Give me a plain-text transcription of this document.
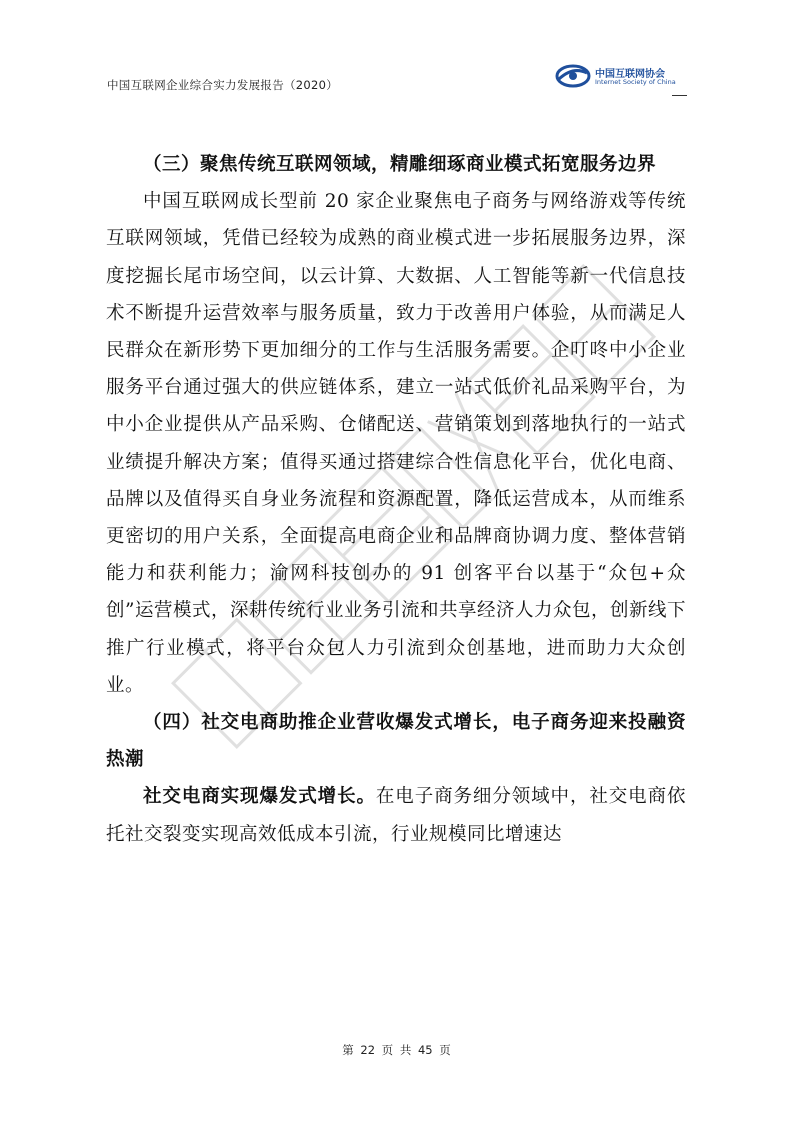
中国互联网企业综合实力发展报告（2020）
中国互联网协会
Internet Society of China

（三）聚焦传统互联网领域，精雕细琢商业模式拓宽服务边界

中国互联网成长型前 20 家企业聚焦电子商务与网络游戏等传统互联网领域，凭借已经较为成熟的商业模式进一步拓展服务边界，深度挖掘长尾市场空间，以云计算、大数据、人工智能等新一代信息技术不断提升运营效率与服务质量，致力于改善用户体验，从而满足人民群众在新形势下更加细分的工作与生活服务需要。企叮咚中小企业服务平台通过强大的供应链体系，建立一站式低价礼品采购平台，为中小企业提供从产品采购、仓储配送、营销策划到落地执行的一站式业绩提升解决方案；值得买通过搭建综合性信息化平台，优化电商、品牌以及值得买自身业务流程和资源配置，降低运营成本，从而维系更密切的用户关系，全面提高电商企业和品牌商协调力度、整体营销能力和获利能力；渝网科技创办的 91 创客平台以基于“众包+众创”运营模式，深耕传统行业业务引流和共享经济人力众包，创新线下推广行业模式，将平台众包人力引流到众创基地，进而助力大众创业。

（四）社交电商助推企业营收爆发式增长，电子商务迎来投融资热潮

社交电商实现爆发式增长。在电子商务细分领域中，社交电商依托社交裂变实现高效低成本引流，行业规模同比增速达

第 22 页 共 45 页
